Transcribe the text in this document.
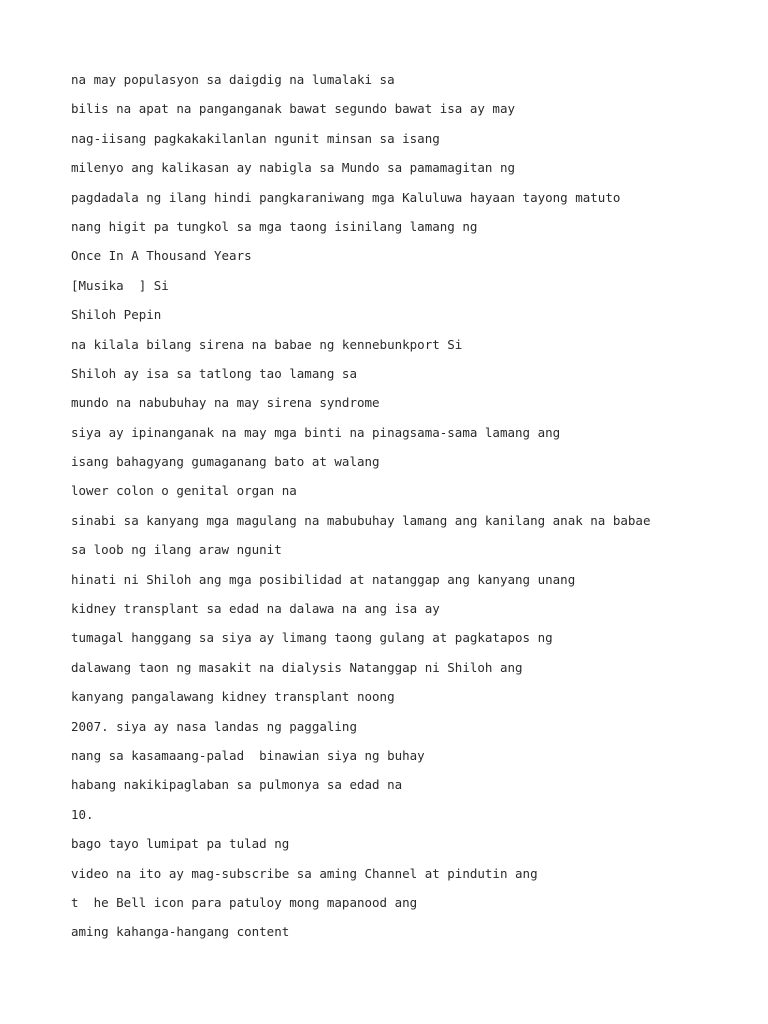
na may populasyon sa daigdig na lumalaki sa
bilis na apat na panganganak bawat segundo bawat isa ay may
nag-iisang pagkakakilanlan ngunit minsan sa isang
milenyo ang kalikasan ay nabigla sa Mundo sa pamamagitan ng
pagdadala ng ilang hindi pangkaraniwang mga Kaluluwa hayaan tayong matuto
nang higit pa tungkol sa mga taong isinilang lamang ng
Once In A Thousand Years
[Musika  ] Si
Shiloh Pepin
na kilala bilang sirena na babae ng kennebunkport Si
Shiloh ay isa sa tatlong tao lamang sa
mundo na nabubuhay na may sirena syndrome
siya ay ipinanganak na may mga binti na pinagsama-sama lamang ang
isang bahagyang gumaganang bato at walang
lower colon o genital organ na
sinabi sa kanyang mga magulang na mabubuhay lamang ang kanilang anak na babae
sa loob ng ilang araw ngunit
hinati ni Shiloh ang mga posibilidad at natanggap ang kanyang unang
kidney transplant sa edad na dalawa na ang isa ay
tumagal hanggang sa siya ay limang taong gulang at pagkatapos ng
dalawang taon ng masakit na dialysis Natanggap ni Shiloh ang
kanyang pangalawang kidney transplant noong
2007. siya ay nasa landas ng paggaling
nang sa kasamaang-palad  binawian siya ng buhay
habang nakikipaglaban sa pulmonya sa edad na
10.
bago tayo lumipat pa tulad ng
video na ito ay mag-subscribe sa aming Channel at pindutin ang
t  he Bell icon para patuloy mong mapanood ang
aming kahanga-hangang content
